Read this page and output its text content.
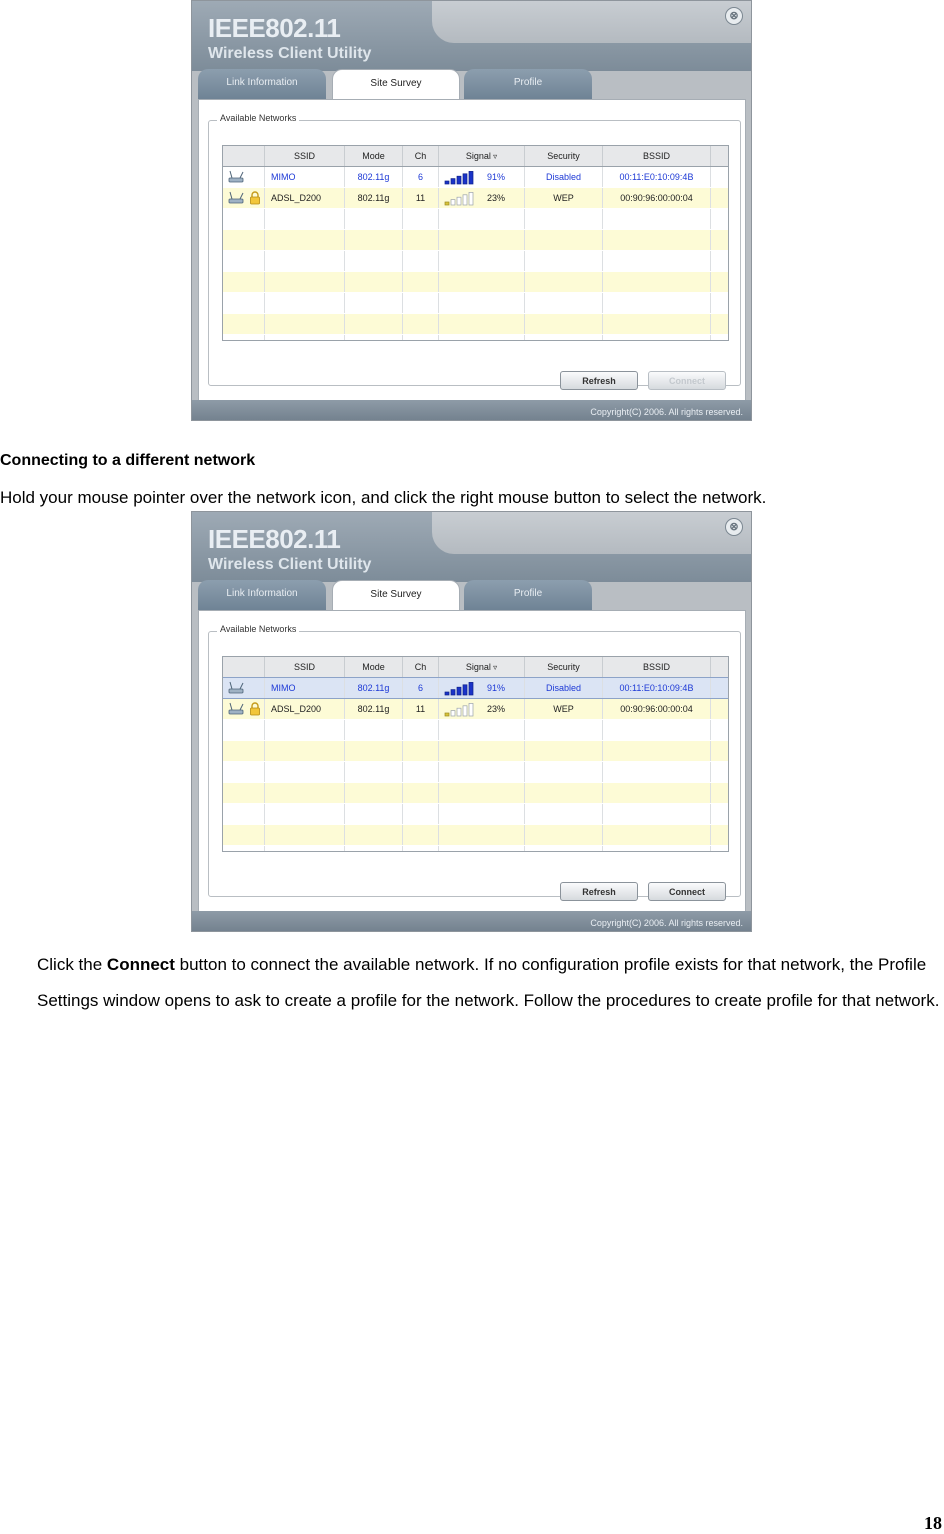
IEEE802.11
Wireless Client Utility
⊗
Link Information	Site Survey	Profile
Available Networks
SSID	Mode	Ch	Signal ▿	Security	BSSID
MIMO	802.11g	6	91%	Disabled	00:11:E0:10:09:4B
ADSL_D200	802.11g	11	23%	WEP	00:90:96:00:00:04
Refresh	Connect
Copyright(C) 2006. All rights reserved.
Connecting to a different network
Hold your mouse pointer over the network icon, and click the right mouse button to select the network.
IEEE802.11
Wireless Client Utility
⊗
Link Information	Site Survey	Profile
Available Networks
SSID	Mode	Ch	Signal ▿	Security	BSSID
MIMO	802.11g	6	91%	Disabled	00:11:E0:10:09:4B
ADSL_D200	802.11g	11	23%	WEP	00:90:96:00:00:04
Refresh	Connect
Copyright(C) 2006. All rights reserved.
Click the Connect button to connect the available network. If no configuration profile exists for that network, the Profile Settings window opens to ask to create a profile for the network. Follow the procedures to create profile for that network.
18
